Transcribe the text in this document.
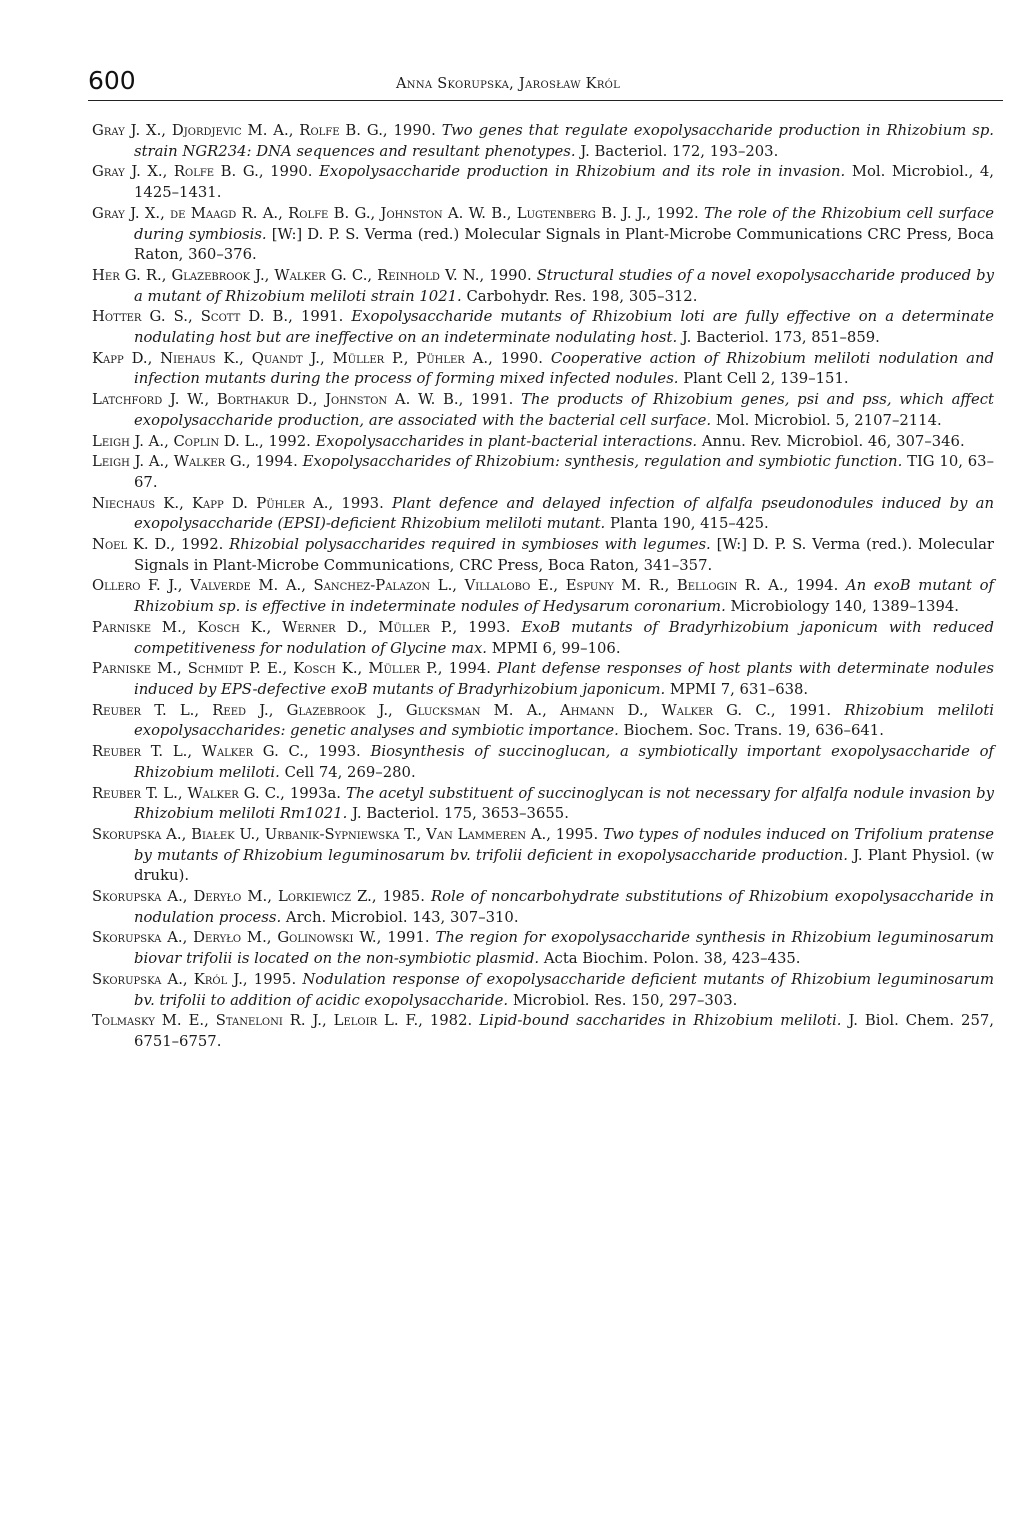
600	Anna Skorupska, Jarosław Król

Gray J. X., Djordjevic M. A., Rolfe B. G., 1990. Two genes that regulate exopolysaccharide production in Rhizobium sp. strain NGR234: DNA sequences and resultant phenotypes. J. Bacteriol. 172, 193–203.

Gray J. X., Rolfe B. G., 1990. Exopolysaccharide production in Rhizobium and its role in invasion. Mol. Microbiol., 4, 1425–1431.

Gray J. X., de Maagd R. A., Rolfe B. G., Johnston A. W. B., Lugtenberg B. J. J., 1992. The role of the Rhizobium cell surface during symbiosis. [W:] D. P. S. Verma (red.) Molecular Signals in Plant-Microbe Communications CRC Press, Boca Raton, 360–376.

Her G. R., Glazebrook J., Walker G. C., Reinhold V. N., 1990. Structural studies of a novel exopolysaccharide produced by a mutant of Rhizobium meliloti strain 1021. Carbohydr. Res. 198, 305–312.

Hotter G. S., Scott D. B., 1991. Exopolysaccharide mutants of Rhizobium loti are fully effective on a determinate nodulating host but are ineffective on an indeterminate nodulating host. J. Bacteriol. 173, 851–859.

Kapp D., Niehaus K., Quandt J., Müller P., Pühler A., 1990. Cooperative action of Rhizobium meliloti nodulation and infection mutants during the process of forming mixed infected nodules. Plant Cell 2, 139–151.

Latchford J. W., Borthakur D., Johnston A. W. B., 1991. The products of Rhizobium genes, psi and pss, which affect exopolysaccharide production, are associated with the bacterial cell surface. Mol. Microbiol. 5, 2107–2114.

Leigh J. A., Coplin D. L., 1992. Exopolysaccharides in plant-bacterial interactions. Annu. Rev. Microbiol. 46, 307–346.

Leigh J. A., Walker G., 1994. Exopolysaccharides of Rhizobium: synthesis, regulation and symbiotic function. TIG 10, 63–67.

Niechaus K., Kapp D. Pühler A., 1993. Plant defence and delayed infection of alfalfa pseudonodules induced by an exopolysaccharide (EPSI)-deficient Rhizobium meliloti mutant. Planta 190, 415–425.

Noel K. D., 1992. Rhizobial polysaccharides required in symbioses with legumes. [W:] D. P. S. Verma (red.). Molecular Signals in Plant-Microbe Communications, CRC Press, Boca Raton, 341–357.

Ollero F. J., Valverde M. A., Sanchez-Palazon L., Villalobo E., Espuny M. R., Bellogin R. A., 1994. An exoB mutant of Rhizobium sp. is effective in indeterminate nodules of Hedysarum coronarium. Microbiology 140, 1389–1394.

Parniske M., Kosch K., Werner D., Müller P., 1993. ExoB mutants of Bradyrhizobium japonicum with reduced competitiveness for nodulation of Glycine max. MPMI 6, 99–106.

Parniske M., Schmidt P. E., Kosch K., Müller P., 1994. Plant defense responses of host plants with determinate nodules induced by EPS-defective exoB mutants of Bradyrhizobium japonicum. MPMI 7, 631–638.

Reuber T. L., Reed J., Glazebrook J., Glucksman M. A., Ahmann D., Walker G. C., 1991. Rhizobium meliloti exopolysaccharides: genetic analyses and symbiotic importance. Biochem. Soc. Trans. 19, 636–641.

Reuber T. L., Walker G. C., 1993. Biosynthesis of succinoglucan, a symbiotically important exopolysaccharide of Rhizobium meliloti. Cell 74, 269–280.

Reuber T. L., Walker G. C., 1993a. The acetyl substituent of succinoglycan is not necessary for alfalfa nodule invasion by Rhizobium meliloti Rm1021. J. Bacteriol. 175, 3653–3655.

Skorupska A., Białek U., Urbanik-Sypniewska T., Van Lammeren A., 1995. Two types of nodules induced on Trifolium pratense by mutants of Rhizobium leguminosarum bv. trifolii deficient in exopolysaccharide production. J. Plant Physiol. (w druku).

Skorupska A., Deryło M., Lorkiewicz Z., 1985. Role of noncarbohydrate substitutions of Rhizobium exopolysaccharide in nodulation process. Arch. Microbiol. 143, 307–310.

Skorupska A., Deryło M., Golinowski W., 1991. The region for exopolysaccharide synthesis in Rhizobium leguminosarum biovar trifolii is located on the non-symbiotic plasmid. Acta Biochim. Polon. 38, 423–435.

Skorupska A., Król J., 1995. Nodulation response of exopolysaccharide deficient mutants of Rhizobium leguminosarum bv. trifolii to addition of acidic exopolysaccharide. Microbiol. Res. 150, 297–303.

Tolmasky M. E., Staneloni R. J., Leloir L. F., 1982. Lipid-bound saccharides in Rhizobium meliloti. J. Biol. Chem. 257, 6751–6757.
